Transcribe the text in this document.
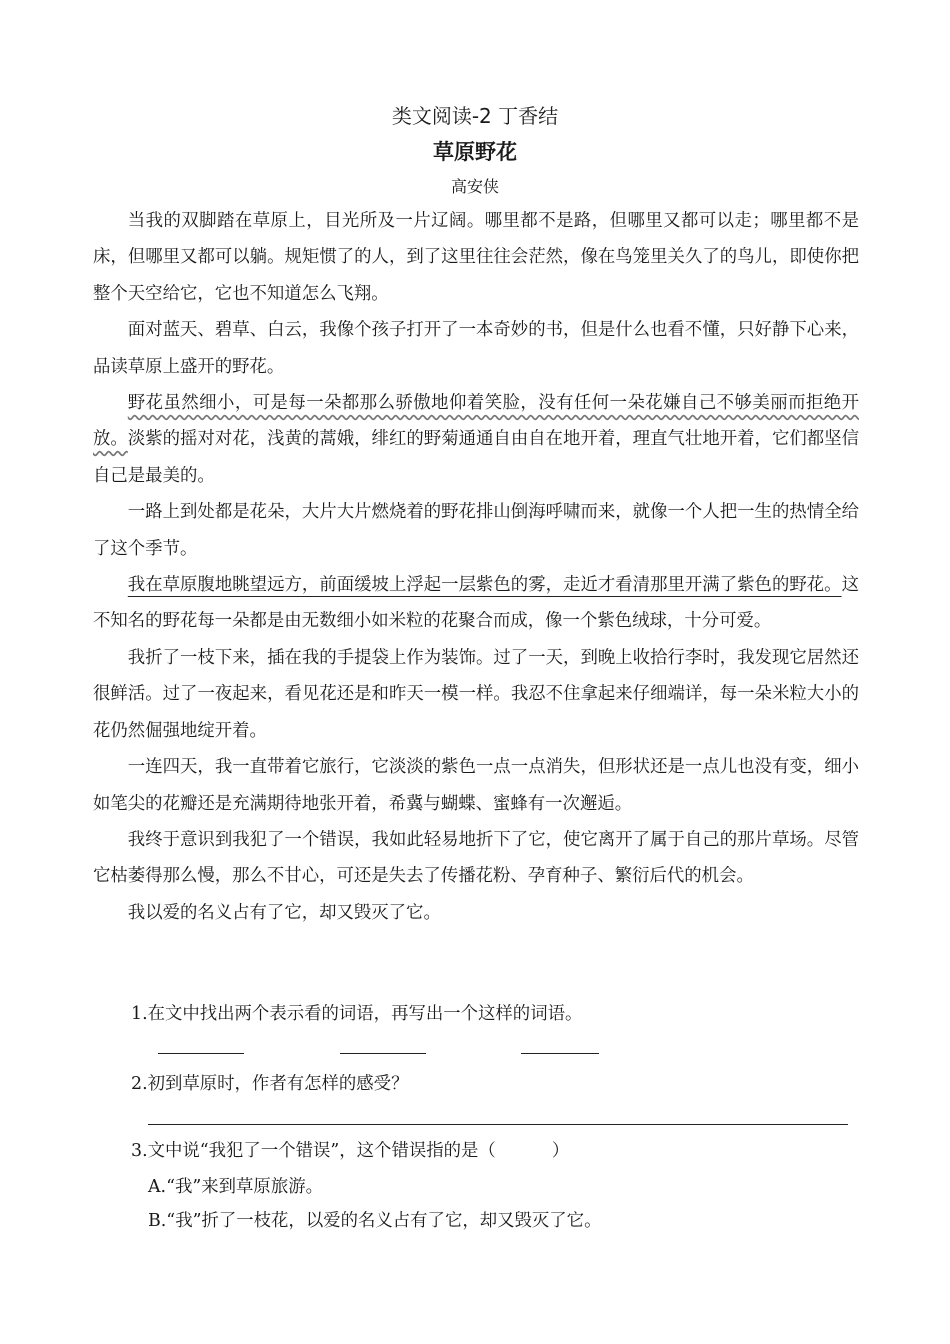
类文阅读-2 丁香结
草原野花
高安侠

当我的双脚踏在草原上，目光所及一片辽阔。哪里都不是路，但哪里又都可以走；哪里都不是床，但哪里又都可以躺。规矩惯了的人，到了这里往往会茫然，像在鸟笼里关久了的鸟儿，即使你把整个天空给它，它也不知道怎么飞翔。

面对蓝天、碧草、白云，我像个孩子打开了一本奇妙的书，但是什么也看不懂，只好静下心来，品读草原上盛开的野花。

野花虽然细小，可是每一朵都那么骄傲地仰着笑脸，没有任何一朵花嫌自己不够美丽而拒绝开放。淡紫的摇对对花，浅黄的蒿娥，绯红的野菊通通自由自在地开着，理直气壮地开着，它们都坚信自己是最美的。

一路上到处都是花朵，大片大片燃烧着的野花排山倒海呼啸而来，就像一个人把一生的热情全给了这个季节。

我在草原腹地眺望远方，前面缓坡上浮起一层紫色的雾，走近才看清那里开满了紫色的野花。这不知名的野花每一朵都是由无数细小如米粒的花聚合而成，像一个紫色绒球，十分可爱。

我折了一枝下来，插在我的手提袋上作为装饰。过了一天，到晚上收拾行李时，我发现它居然还很鲜活。过了一夜起来，看见花还是和昨天一模一样。我忍不住拿起来仔细端详，每一朵米粒大小的花仍然倔强地绽开着。

一连四天，我一直带着它旅行，它淡淡的紫色一点一点消失，但形状还是一点儿也没有变，细小如笔尖的花瓣还是充满期待地张开着，希冀与蝴蝶、蜜蜂有一次邂逅。

我终于意识到我犯了一个错误，我如此轻易地折下了它，使它离开了属于自己的那片草场。尽管它枯萎得那么慢，那么不甘心，可还是失去了传播花粉、孕育种子、繁衍后代的机会。

我以爱的名义占有了它，却又毁灭了它。

1.在文中找出两个表示看的词语，再写出一个这样的词语。
2.初到草原时，作者有怎样的感受？
3.文中说“我犯了一个错误”，这个错误指的是（	）
A.“我”来到草原旅游。
B.“我”折了一枝花，以爱的名义占有了它，却又毁灭了它。
